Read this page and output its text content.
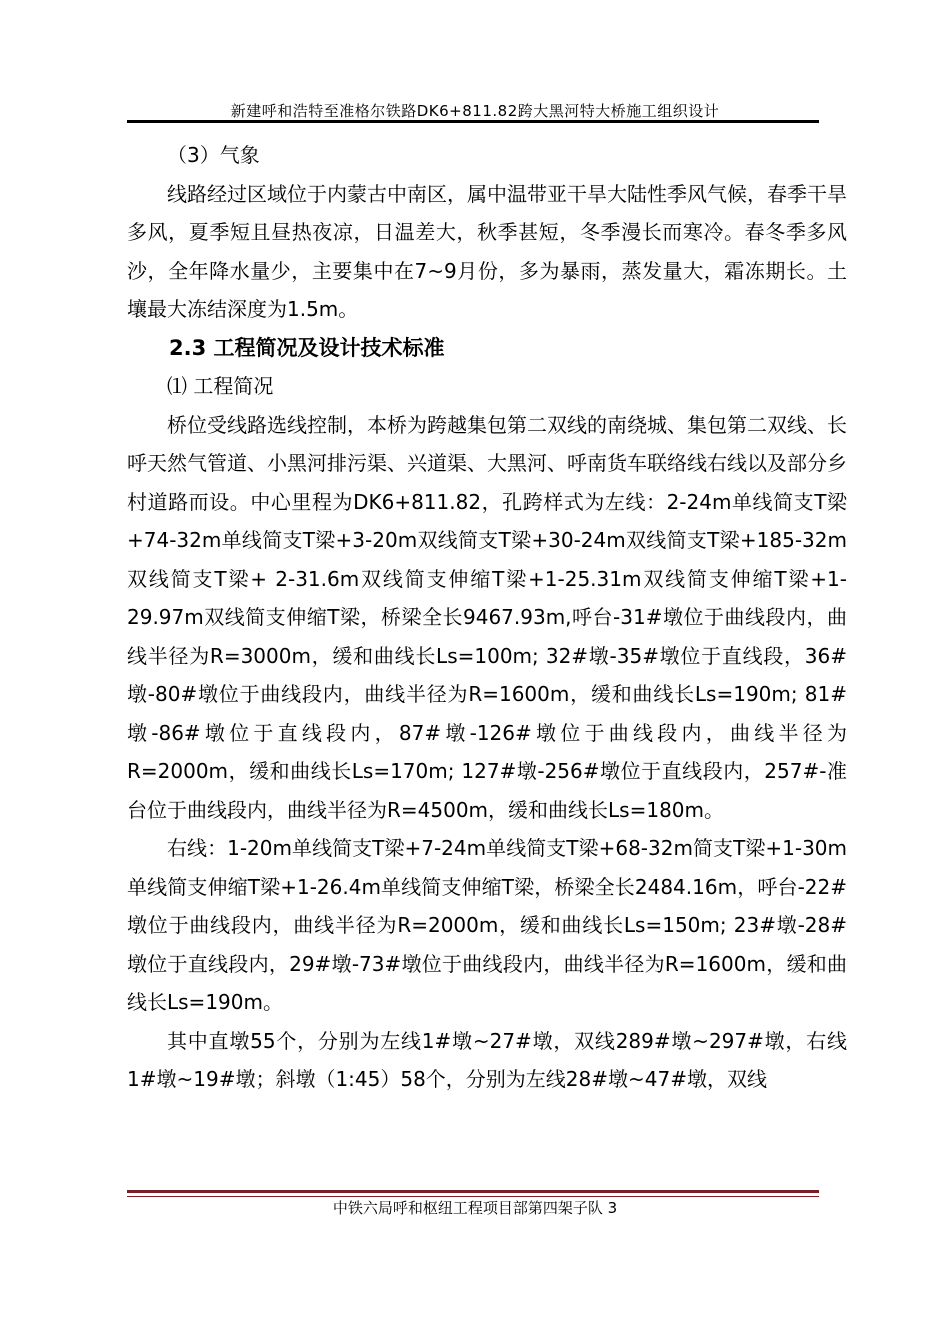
新建呼和浩特至准格尔铁路DK6+811.82跨大黑河特大桥施工组织设计

（3）气象

线路经过区域位于内蒙古中南区，属中温带亚干旱大陆性季风气候，春季干旱多风，夏季短且昼热夜凉，日温差大，秋季甚短，冬季漫长而寒冷。春冬季多风沙，全年降水量少，主要集中在7~9月份，多为暴雨，蒸发量大，霜冻期长。土壤最大冻结深度为1.5m。

2.3 工程简况及设计技术标准

⑴ 工程简况

桥位受线路选线控制，本桥为跨越集包第二双线的南绕城、集包第二双线、长呼天然气管道、小黑河排污渠、兴道渠、大黑河、呼南货车联络线右线以及部分乡村道路而设。中心里程为DK6+811.82，孔跨样式为左线：2-24m单线简支T梁+74-32m单线简支T梁+3-20m双线简支T梁+30-24m双线简支T梁+185-32m双线简支T梁+ 2-31.6m双线简支伸缩T梁+1-25.31m双线简支伸缩T梁+1-29.97m双线简支伸缩T梁，桥梁全长9467.93m,呼台-31#墩位于曲线段内，曲线半径为R=3000m，缓和曲线长Ls=100m; 32#墩-35#墩位于直线段，36#墩-80#墩位于曲线段内，曲线半径为R=1600m，缓和曲线长Ls=190m; 81#墩-86#墩位于直线段内，87#墩-126#墩位于曲线段内，曲线半径为R=2000m，缓和曲线长Ls=170m; 127#墩-256#墩位于直线段内，257#-准台位于曲线段内，曲线半径为R=4500m，缓和曲线长Ls=180m。

右线：1-20m单线简支T梁+7-24m单线简支T梁+68-32m简支T梁+1-30m单线简支伸缩T梁+1-26.4m单线简支伸缩T梁，桥梁全长2484.16m，呼台-22#墩位于曲线段内，曲线半径为R=2000m，缓和曲线长Ls=150m; 23#墩-28#墩位于直线段内，29#墩-73#墩位于曲线段内，曲线半径为R=1600m，缓和曲线长Ls=190m。

其中直墩55个，分别为左线1#墩~27#墩，双线289#墩~297#墩，右线1#墩~19#墩；斜墩（1:45）58个，分别为左线28#墩~47#墩，双线

中铁六局呼和枢纽工程项目部第四架子队 3
